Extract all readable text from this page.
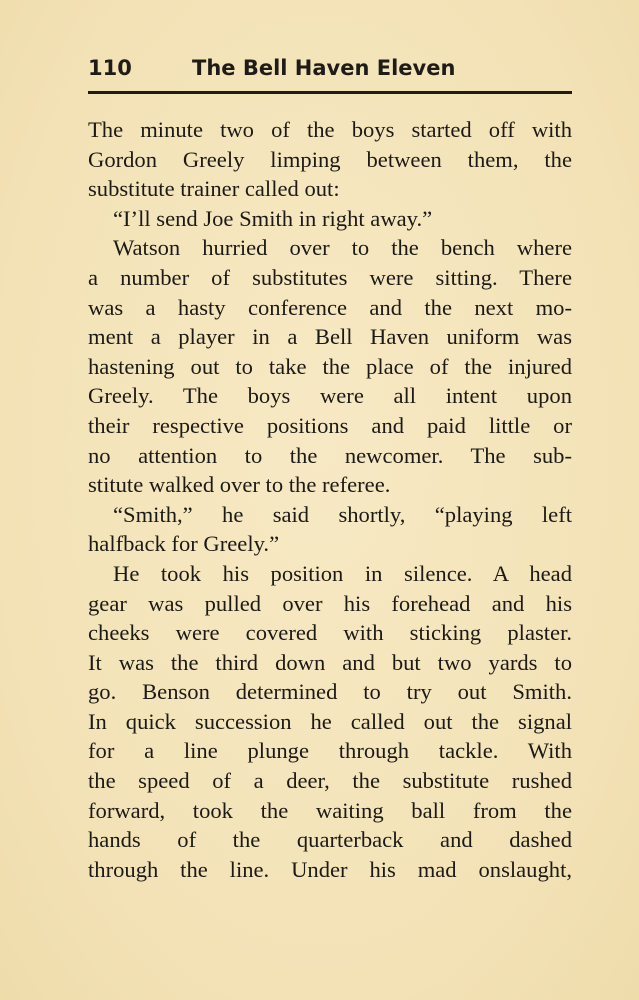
110	The Bell Haven Eleven
The minute two of the boys started off with
Gordon Greely limping between them, the
substitute trainer called out:
“I’ll send Joe Smith in right away.”
Watson hurried over to the bench where
a number of substitutes were sitting. There
was a hasty conference and the next mo-
ment a player in a Bell Haven uniform was
hastening out to take the place of the injured
Greely. The boys were all intent upon
their respective positions and paid little or
no attention to the newcomer. The sub-
stitute walked over to the referee.
“Smith,” he said shortly, “playing left
halfback for Greely.”
He took his position in silence. A head
gear was pulled over his forehead and his
cheeks were covered with sticking plaster.
It was the third down and but two yards to
go. Benson determined to try out Smith.
In quick succession he called out the signal
for a line plunge through tackle. With
the speed of a deer, the substitute rushed
forward, took the waiting ball from the
hands of the quarterback and dashed
through the line. Under his mad onslaught,
